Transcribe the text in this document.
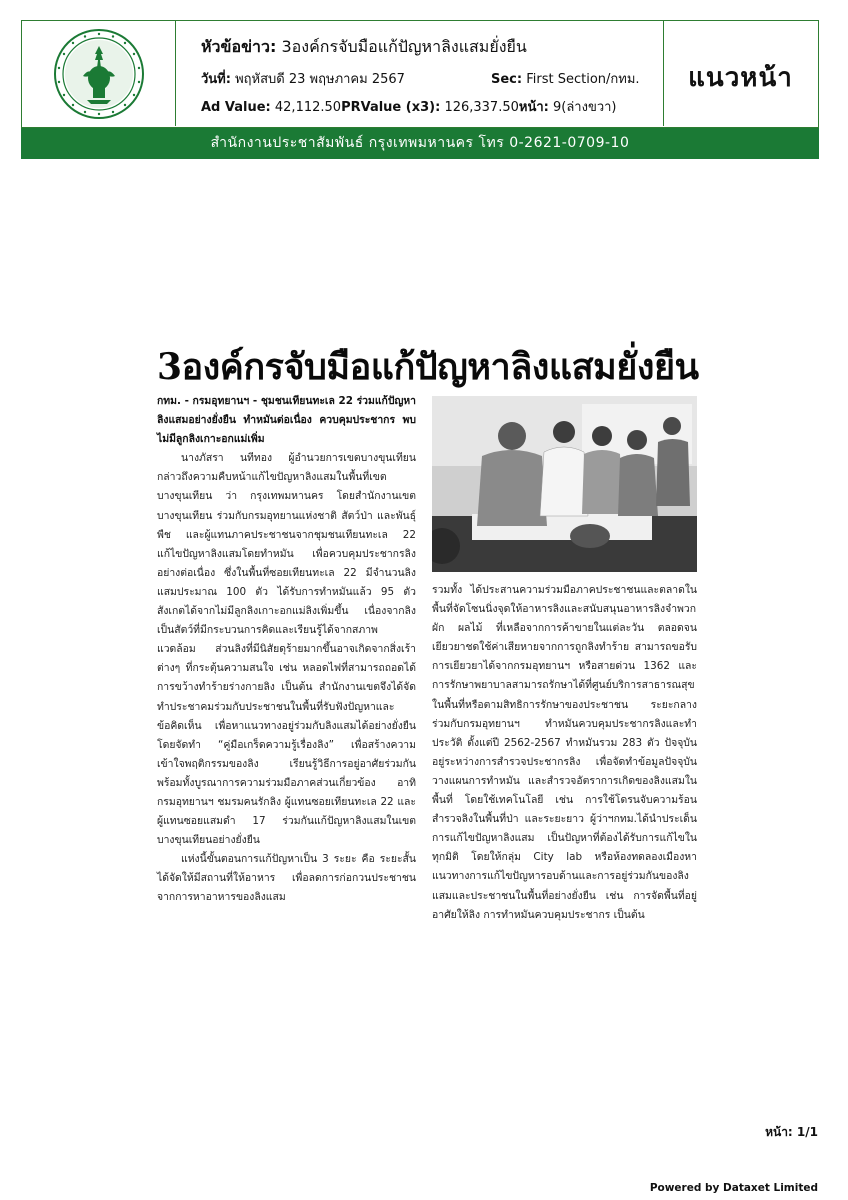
หัวข้อข่าว: 3องค์กรจับมือแก้ปัญหาลิงแสมยั่งยืน
วันที่: พฤหัสบดี 23 พฤษภาคม 2567	Sec: First Section/กทม.
Ad Value: 42,112.50PRValue (x3): 126,337.50หน้า: 9(ล่างขวา)
แนวหน้า
สำนักงานประชาสัมพันธ์ กรุงเทพมหานคร โทร 0-2621-0709-10
3องค์กรจับมือแก้ปัญหาลิงแสมยั่งยืน

กทม. - กรมอุทยานฯ - ชุมชนเทียนทะเล 22 ร่วมแก้ปัญหาลิงแสมอย่างยั่งยืน ทำหมันต่อเนื่อง ควบคุมประชากร พบไม่มีลูกลิงเกาะอกแม่เพิ่ม

นางภัสรา นทีทอง ผู้อำนวยการเขตบางขุนเทียน กล่าวถึงความคืบหน้าแก้ไขปัญหาลิงแสมในพื้นที่เขตบางขุนเทียน ว่า กรุงเทพมหานคร โดยสำนักงานเขตบางขุนเทียน ร่วมกับกรมอุทยานแห่งชาติ สัตว์ป่า และพันธุ์พืช และผู้แทนภาคประชาชนจากชุมชนเทียนทะเล 22 แก้ไขปัญหาลิงแสมโดยทำหมัน เพื่อควบคุมประชากรลิงอย่างต่อเนื่อง ซึ่งในพื้นที่ซอยเทียนทะเล 22 มีจำนวนลิงแสมประมาณ 100 ตัว ได้รับการทำหมันแล้ว 95 ตัว สังเกตได้จากไม่มีลูกลิงเกาะอกแม่ลิงเพิ่มขึ้น เนื่องจากลิงเป็นสัตว์ที่มีกระบวนการคิดและเรียนรู้ได้จากสภาพแวดล้อม ส่วนลิงที่มีนิสัยดุร้ายมากขึ้นอาจเกิดจากสิ่งเร้าต่างๆ ที่กระตุ้นความสนใจ เช่น หลอดไฟที่สามารถถอดได้ การขว้างทำร้ายร่างกายลิง เป็นต้น สำนักงานเขตจึงได้จัดทำประชาคมร่วมกับประชาชนในพื้นที่รับฟังปัญหาและข้อคิดเห็น เพื่อหาแนวทางอยู่ร่วมกับลิงแสมได้อย่างยั่งยืน โดยจัดทำ “คู่มือเกร็ดความรู้เรื่องลิง” เพื่อสร้างความเข้าใจพฤติกรรมของลิง เรียนรู้วิธีการอยู่อาศัยร่วมกัน พร้อมทั้งบูรณาการความร่วมมือภาคส่วนเกี่ยวข้อง อาทิ กรมอุทยานฯ ชมรมคนรักลิง ผู้แทนซอยเทียนทะเล 22 และผู้แทนซอยแสมดำ 17 ร่วมกันแก้ปัญหาลิงแสมในเขตบางขุนเทียนอย่างยั่งยืน

แห่งนี้ขั้นตอนการแก้ปัญหาเป็น 3 ระยะ คือ ระยะสั้น ได้จัดให้มีสถานที่ให้อาหาร เพื่อลดการก่อกวนประชาชนจากการหาอาหารของลิงแสม

รวมทั้ง ได้ประสานความร่วมมือภาคประชาชนและตลาดในพื้นที่จัดโซนนิ่งจุดให้อาหารลิงและสนับสนุนอาหารลิงจำพวกผัก ผลไม้ ที่เหลือจากการค้าขายในแต่ละวัน ตลอดจนเยียวยาชดใช้ค่าเสียหายจากการถูกลิงทำร้าย สามารถขอรับการเยียวยาได้จากกรมอุทยานฯ หรือสายด่วน 1362 และการรักษาพยาบาลสามารถรักษาได้ที่ศูนย์บริการสาธารณสุขในพื้นที่หรือตามสิทธิการรักษาของประชาชน ระยะกลาง ร่วมกับกรมอุทยานฯ ทำหมันควบคุมประชากรลิงและทำประวัติ ตั้งแต่ปี 2562-2567 ทำหมันรวม 283 ตัว ปัจจุบันอยู่ระหว่างการสำรวจประชากรลิง เพื่อจัดทำข้อมูลปัจจุบัน วางแผนการทำหมัน และสำรวจอัตราการเกิดของลิงแสมในพื้นที่ โดยใช้เทคโนโลยี เช่น การใช้โดรนจับความร้อนสำรวจลิงในพื้นที่ป่า และระยะยาว ผู้ว่าฯกทม.ได้นำประเด็นการแก้ไขปัญหาลิงแสม เป็นปัญหาที่ต้องได้รับการแก้ไขในทุกมิติ โดยให้กลุ่ม City lab หรือห้องทดลองเมืองหาแนวทางการแก้ไขปัญหารอบด้านและการอยู่ร่วมกันของลิงแสมและประชาชนในพื้นที่อย่างยั่งยืน เช่น การจัดพื้นที่อยู่อาศัยให้ลิง การทำหมันควบคุมประชากร เป็นต้น

หน้า: 1/1
Powered by Dataxet Limited
